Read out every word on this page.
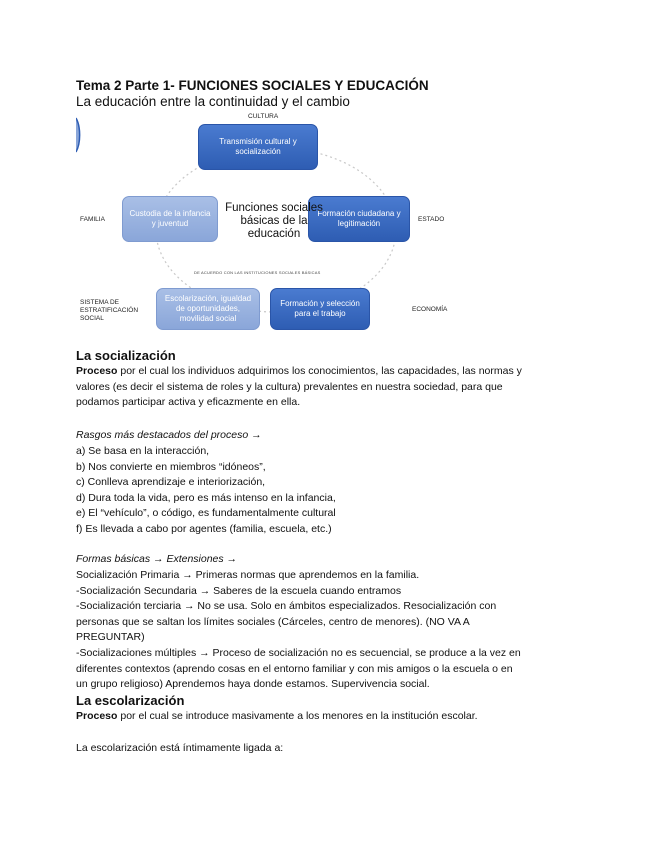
Tema 2 Parte 1- FUNCIONES SOCIALES Y EDUCACIÓN
La educación entre la continuidad y el cambio
CULTURA
FAMILIA	ESTADO
SISTEMA DE ESTRATIFICACIÓN SOCIAL
ECONOMÍA
Transmisión cultural y socialización
Custodia de la infancia y juventud
Formación ciudadana y legitimación
Escolarización, igualdad de oportunidades, movilidad social
Formación y selección para el trabajo
Funciones sociales básicas de la educación
DE ACUERDO CON LAS INSTITUCIONES SOCIALES BÁSICAS
La socialización
Proceso por el cual los individuos adquirimos los conocimientos, las capacidades, las normas y
valores (es decir el sistema de roles y la cultura) prevalentes en nuestra sociedad, para que
podamos participar activa y eficazmente en ella.
Rasgos más destacados del proceso →
a) Se basa en la interacción,
b) Nos convierte en miembros “idóneos”,
c) Conlleva aprendizaje e interiorización,
d) Dura toda la vida, pero es más intenso en la infancia,
e) El “vehículo”, o código, es fundamentalmente cultural
f) Es llevada a cabo por agentes (familia, escuela, etc.)
Formas básicas → Extensiones →
Socialización Primaria → Primeras normas que aprendemos en la familia.
-Socialización Secundaria → Saberes de la escuela cuando entramos
-Socialización terciaria → No se usa. Solo en ámbitos especializados. Resocialización con
personas que se saltan los límites sociales (Cárceles, centro de menores). (NO VA A
PREGUNTAR)
-Socializaciones múltiples → Proceso de socialización no es secuencial, se produce a la vez en
diferentes contextos (aprendo cosas en el entorno familiar y con mis amigos o la escuela o en
un grupo religioso) Aprendemos haya donde estamos. Supervivencia social.
La escolarización
Proceso por el cual se introduce masivamente a los menores en la institución escolar.
La escolarización está íntimamente ligada a:
